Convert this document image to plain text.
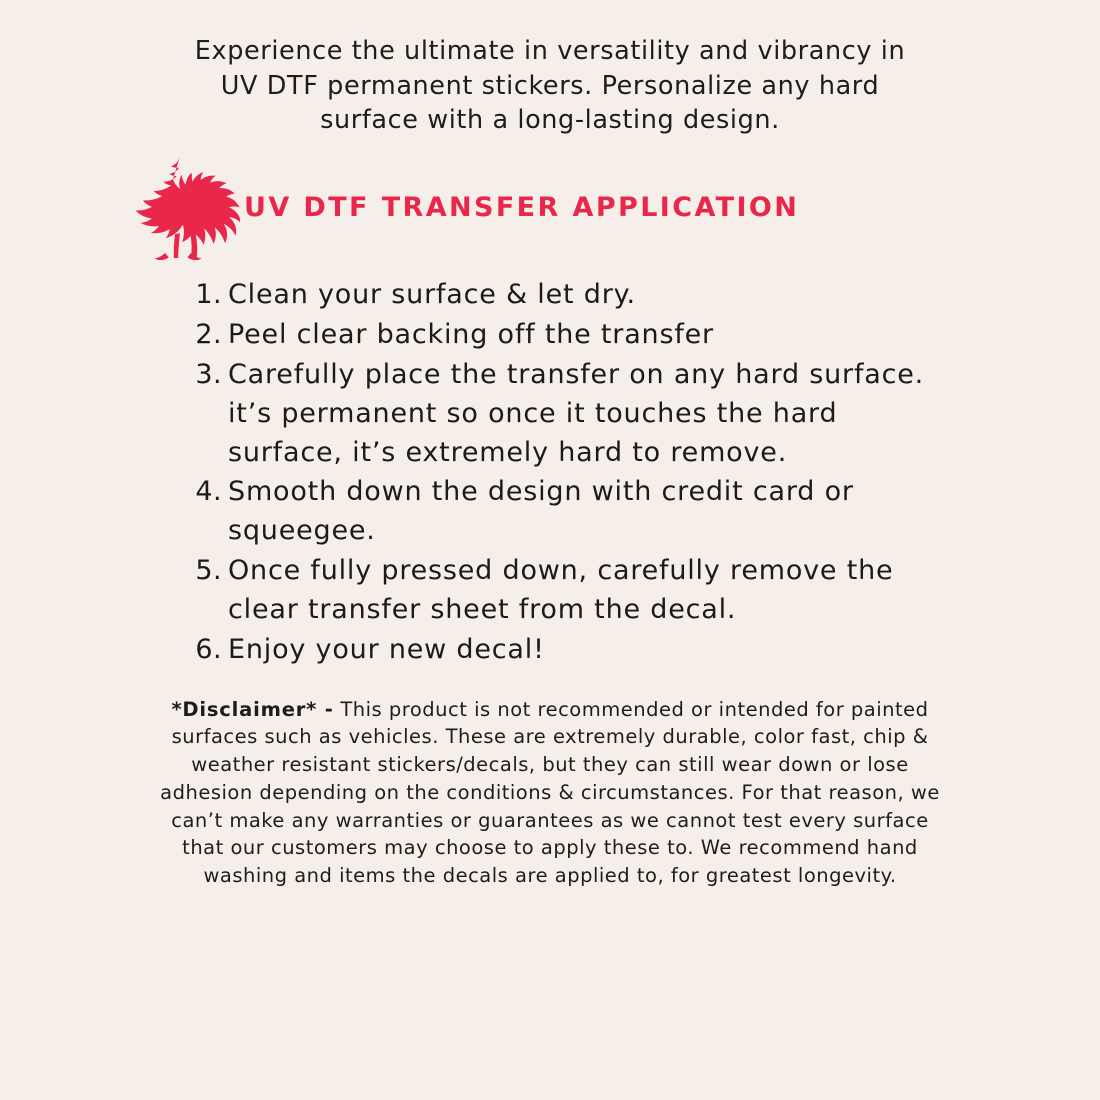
Experience the ultimate in versatility and vibrancy in UV DTF permanent stickers. Personalize any hard surface with a long-lasting design.

UV DTF TRANSFER APPLICATION
Clean your surface & let dry.
Peel clear backing off the transfer
Carefully place the transfer on any hard surface. it’s permanent so once it touches the hard surface, it’s extremely hard to remove.
Smooth down the design with credit card or squeegee.
Once fully pressed down, carefully remove the clear transfer sheet from the decal.
Enjoy your new decal!

*Disclaimer* - This product is not recommended or intended for painted surfaces such as vehicles. These are extremely durable, color fast, chip & weather resistant stickers/decals, but they can still wear down or lose adhesion depending on the conditions & circumstances. For that reason, we can’t make any warranties or guarantees as we cannot test every surface that our customers may choose to apply these to. We recommend hand washing and items the decals are applied to, for greatest longevity.
